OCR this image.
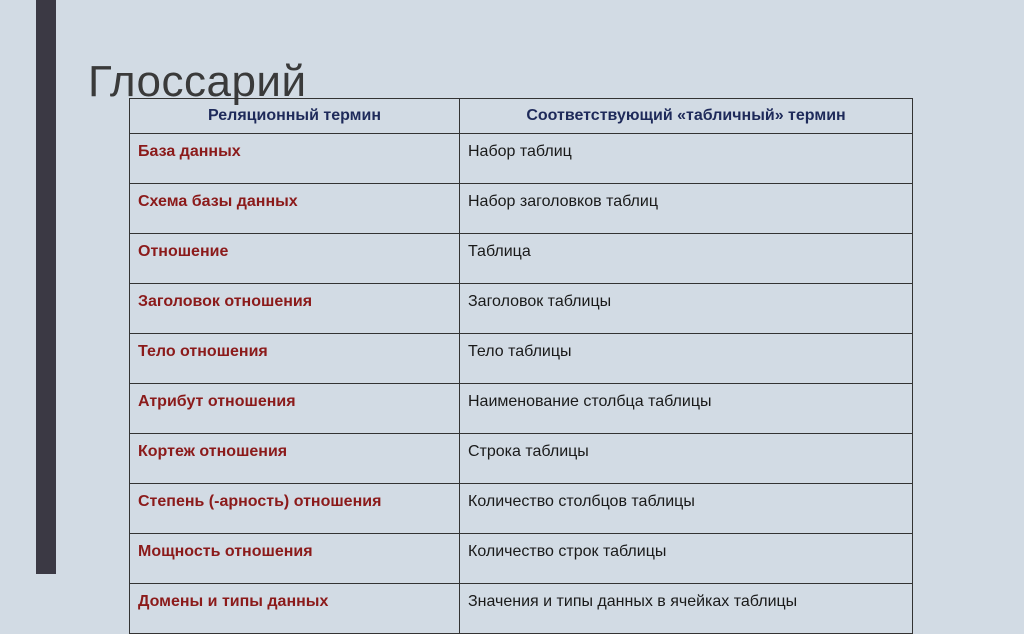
Глоссарий
Реляционный термин	Соответствующий «табличный» термин
База данных	Набор таблиц
Схема базы данных	Набор заголовков таблиц
Отношение	Таблица
Заголовок отношения	Заголовок таблицы
Тело отношения	Тело таблицы
Атрибут отношения	Наименование столбца таблицы
Кортеж отношения	Строка таблицы
Степень (-арность) отношения	Количество столбцов таблицы
Мощность отношения	Количество строк таблицы
Домены и типы данных	Значения и типы данных в ячейках таблицы
